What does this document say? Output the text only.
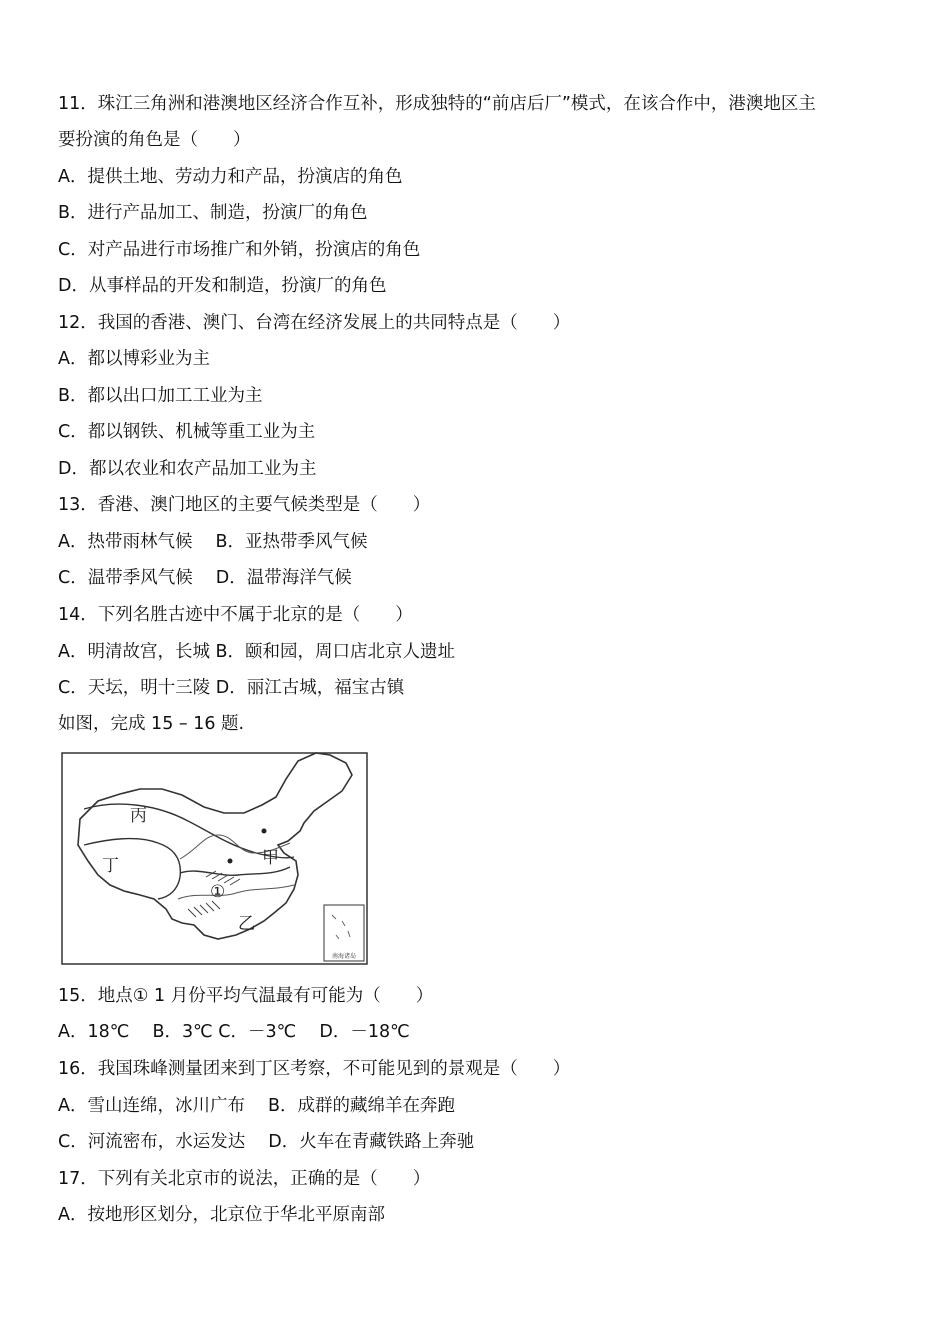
11．珠江三角洲和港澳地区经济合作互补，形成独特的“前店后厂”模式，在该合作中，港澳地区主
要扮演的角色是（　　）
A．提供土地、劳动力和产品，扮演店的角色
B．进行产品加工、制造，扮演厂的角色
C．对产品进行市场推广和外销，扮演店的角色
D．从事样品的开发和制造，扮演厂的角色
12．我国的香港、澳门、台湾在经济发展上的共同特点是（　　）
A．都以博彩业为主
B．都以出口加工工业为主
C．都以钢铁、机械等重工业为主
D．都以农业和农产品加工业为主
13．香港、澳门地区的主要气候类型是（　　）
A．热带雨林气候　 B．亚热带季风气候
C．温带季风气候　 D．温带海洋气候
14．下列名胜古迹中不属于北京的是（　　）
A．明清故宫，长城 B．颐和园，周口店北京人遗址
C．天坛，明十三陵 D．丽江古城，福宝古镇
如图，完成 15 – 16 题.
丙
丁	甲
乙
①
南海诸岛
15．地点① 1 月份平均气温最有可能为（　　）
A．18℃　 B．3℃ C．－3℃　 D．－18℃
16．我国珠峰测量团来到丁区考察，不可能见到的景观是（　　）
A．雪山连绵，冰川广布　 B．成群的藏绵羊在奔跑
C．河流密布，水运发达　 D．火车在青藏铁路上奔驰
17．下列有关北京市的说法，正确的是（　　）
A．按地形区划分，北京位于华北平原南部
